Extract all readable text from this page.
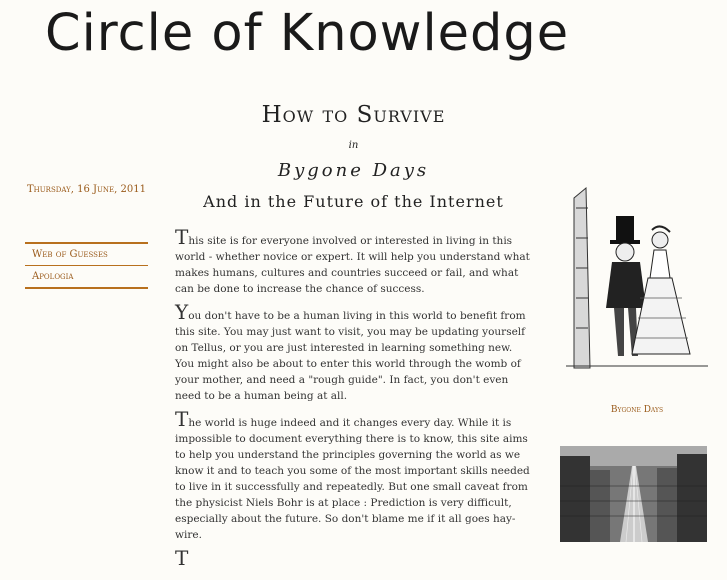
Circle of Knowledge
Thursday, 16 June, 2011
Web of Guesses
Apologia
How to Survive
in
Bygone Days
And in the Future of the Internet

This site is for everyone involved or interested in living in this world - whether novice or expert. It will help you understand what makes humans, cultures and countries succeed or fail, and what can be done to increase the chance of success.

You don't have to be a human living in this world to benefit from this site. You may just want to visit, you may be updating yourself on Tellus, or you are just interested in learning something new. You might also be about to enter this world through the womb of your mother, and need a "rough guide". In fact, you don't even need to be a human being at all.

The world is huge indeed and it changes every day. While it is impossible to document everything there is to know, this site aims to help you understand the principles governing the world as we know it and to teach you some of the most important skills needed to live in it successfully and repeatedly. But one small caveat from the physicist Niels Bohr is at place : Prediction is very difficult, especially about the future. So don't blame me if it all goes hay-wire.

T

Bygone Days
